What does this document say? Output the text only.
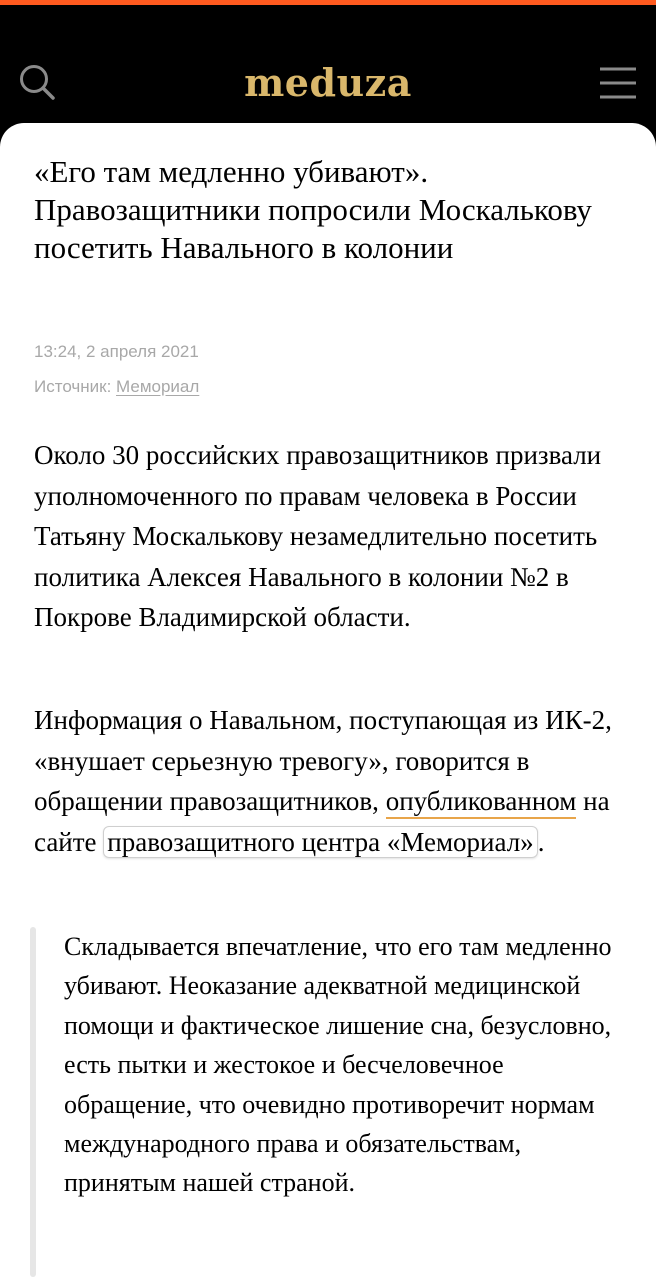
meduza
«Его там медленно убивают». Правозащитники попросили Москалькову посетить Навального в колонии
13:24, 2 апреля 2021
Источник: Мемориал

Около 30 российских правозащитников призвали уполномоченного по правам человека в России Татьяну Москалькову незамедлительно посетить политика Алексея Навального в колонии №2 в Покрове Владимирской области.

Информация о Навальном, поступающая из ИК-2, «внушает серьезную тревогу», говорится в обращении правозащитников, опубликованном на сайте правозащитного центра «Мемориал» .

Складывается впечатление, что его там медленно убивают. Неоказание адекватной медицинской помощи и фактическое лишение сна, безусловно, есть пытки и жестокое и бесчеловечное обращение, что очевидно противоречит нормам международного права и обязательствам, принятым нашей страной.
